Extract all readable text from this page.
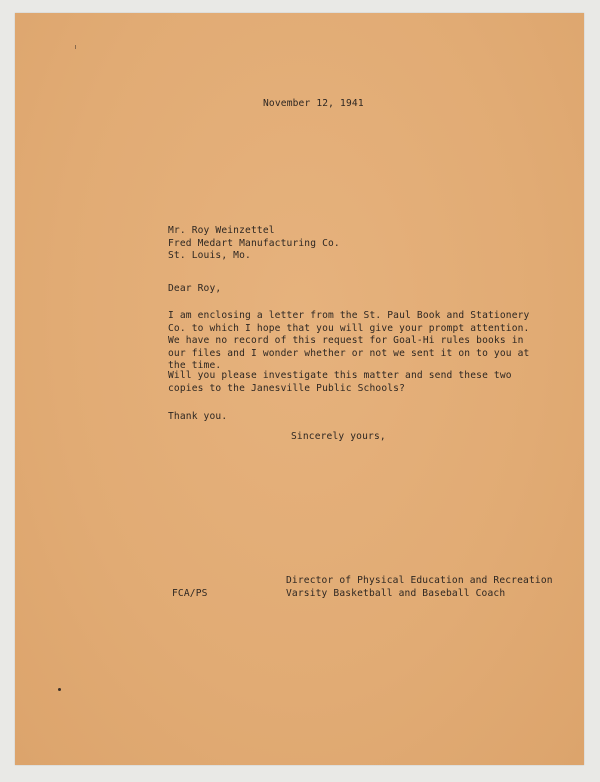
November 12, 1941
Mr. Roy Weinzettel
Fred Medart Manufacturing Co.
St. Louis, Mo.
Dear Roy,
I am enclosing a letter from the St. Paul Book and Stationery
Co. to which I hope that you will give your prompt attention.
We have no record of this request for Goal-Hi rules books in
our files and I wonder whether or not we sent it on to you at
the time.
Will you please investigate this matter and send these two
copies to the Janesville Public Schools?
Thank you.
Sincerely yours,
Director of Physical Education and Recreation
Varsity Basketball and Baseball Coach
FCA/PS
